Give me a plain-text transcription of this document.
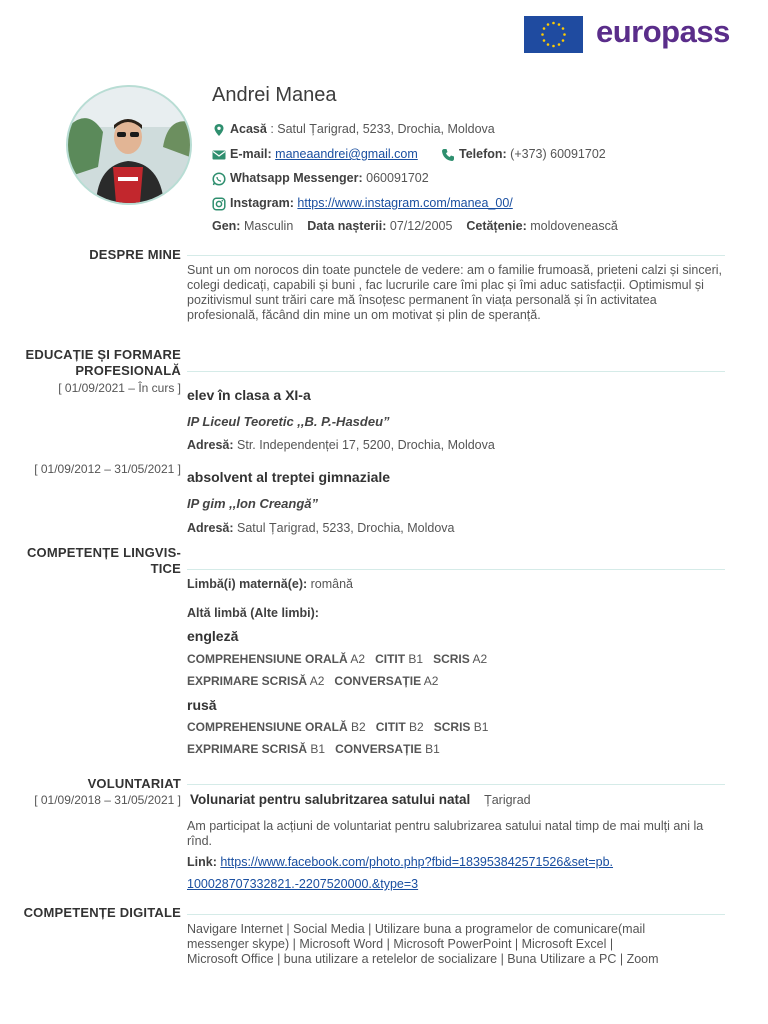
europass
Andrei Manea
Acasă : Satul Țarigrad, 5233, Drochia, Moldova
E-mail: maneaandrei@gmail.com	Telefon: (+373) 60091702
Whatsapp Messenger: 060091702
Instagram: https://www.instagram.com/manea_00/
Gen: Masculin Data nașterii: 07/12/2005 Cetățenie: moldovenească
DESPRE MINE
Sunt un om norocos din toate punctele de vedere: am o familie frumoasă, prieteni calzi și sinceri, colegi dedicați, capabili și buni , fac lucrurile care îmi plac și îmi aduc satisfacții. Optimismul și pozitivismul sunt trăiri care mă însoțesc permanent în viața personală și în activitatea profesională, făcând din mine un om motivat și plin de speranță.
EDUCAȚIE ȘI FORMARE
PROFESIONALĂ
[ 01/09/2021 – În curs ] elev în clasa a XI-a
IP Liceul Teoretic ,,B. P.-Hasdeu”
Adresă: Str. Independenței 17, 5200, Drochia, Moldova
[ 01/09/2012 – 31/05/2021 ] absolvent al treptei gimnaziale
IP gim ,,Ion Creangă”
Adresă: Satul Țarigrad, 5233, Drochia, Moldova
COMPETENȚE LINGVIS-
TICE
Limbă(i) maternă(e): română
Altă limbă (Alte limbi):
engleză
COMPREHENSIUNE ORALĂ A2 CITIT B1 SCRIS A2
EXPRIMARE SCRISĂ A2 CONVERSAȚIE A2
rusă
COMPREHENSIUNE ORALĂ B2 CITIT B2 SCRIS B1
EXPRIMARE SCRISĂ B1 CONVERSAȚIE B1
VOLUNTARIAT
[ 01/09/2018 – 31/05/2021 ] Volunariat pentru salubritzarea satului natal Țarigrad
Am participat la acțiuni de voluntariat pentru salubrizarea satului natal timp de mai mulți ani la rînd.
Link: https://www.facebook.com/photo.php?fbid=183953842571526&set=pb.
100028707332821.-2207520000.&type=3
COMPETENȚE DIGITALE
Navigare Internet | Social Media | Utilizare buna a programelor de comunicare(mail
messenger skype) | Microsoft Word | Microsoft PowerPoint | Microsoft Excel |
Microsoft Office | buna utilizare a retelelor de socializare | Buna Utilizare a PC | Zoom
